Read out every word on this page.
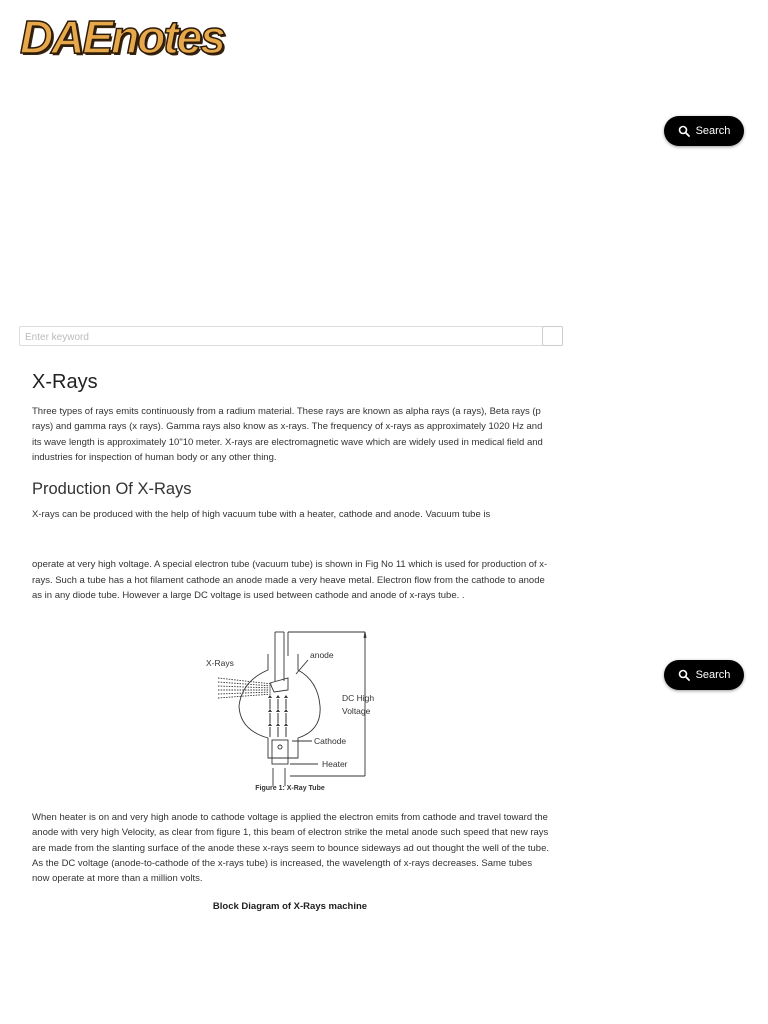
DAEnotes
Search
Enter keyword
X-Rays

Three types of rays emits continuously from a radium material. These rays are known as alpha rays (a rays), Beta rays (p rays) and gamma rays (x rays). Gamma rays also know as x-rays. The frequency of x-rays as approximately 1020 Hz and its wave length is approximately 10"10 meter. X-rays are electromagnetic wave which are widely used in medical field and industries for inspection of human body or any other thing.

Production Of X-Rays

X-rays can be produced with the help of high vacuum tube with a heater, cathode and anode. Vacuum tube is

operate at very high voltage. A special electron tube (vacuum tube) is shown in Fig No 11 which is used for production of x-rays. Such a tube has a hot filament cathode an anode made a very heave metal. Electron flow from the cathode to anode as in any diode tube. However a large DC voltage is used between cathode and anode of x-rays tube. .

X-Rays
anode
DC High
Voltage
Cathode
Heater
Figure 1: X-Ray Tube

When heater is on and very high anode to cathode voltage is applied the electron emits from cathode and travel toward the anode with very high Velocity, as clear from figure 1, this beam of electron strike the metal anode such speed that new rays are made from the slanting surface of the anode these x-rays seem to bounce sideways ad out thought the well of the tube. As the DC voltage (anode-to-cathode of the x-rays tube) is increased, the wavelength of x-rays decreases. Same tubes now operate at more than a million volts.

Block Diagram of X-Rays machine
Search
